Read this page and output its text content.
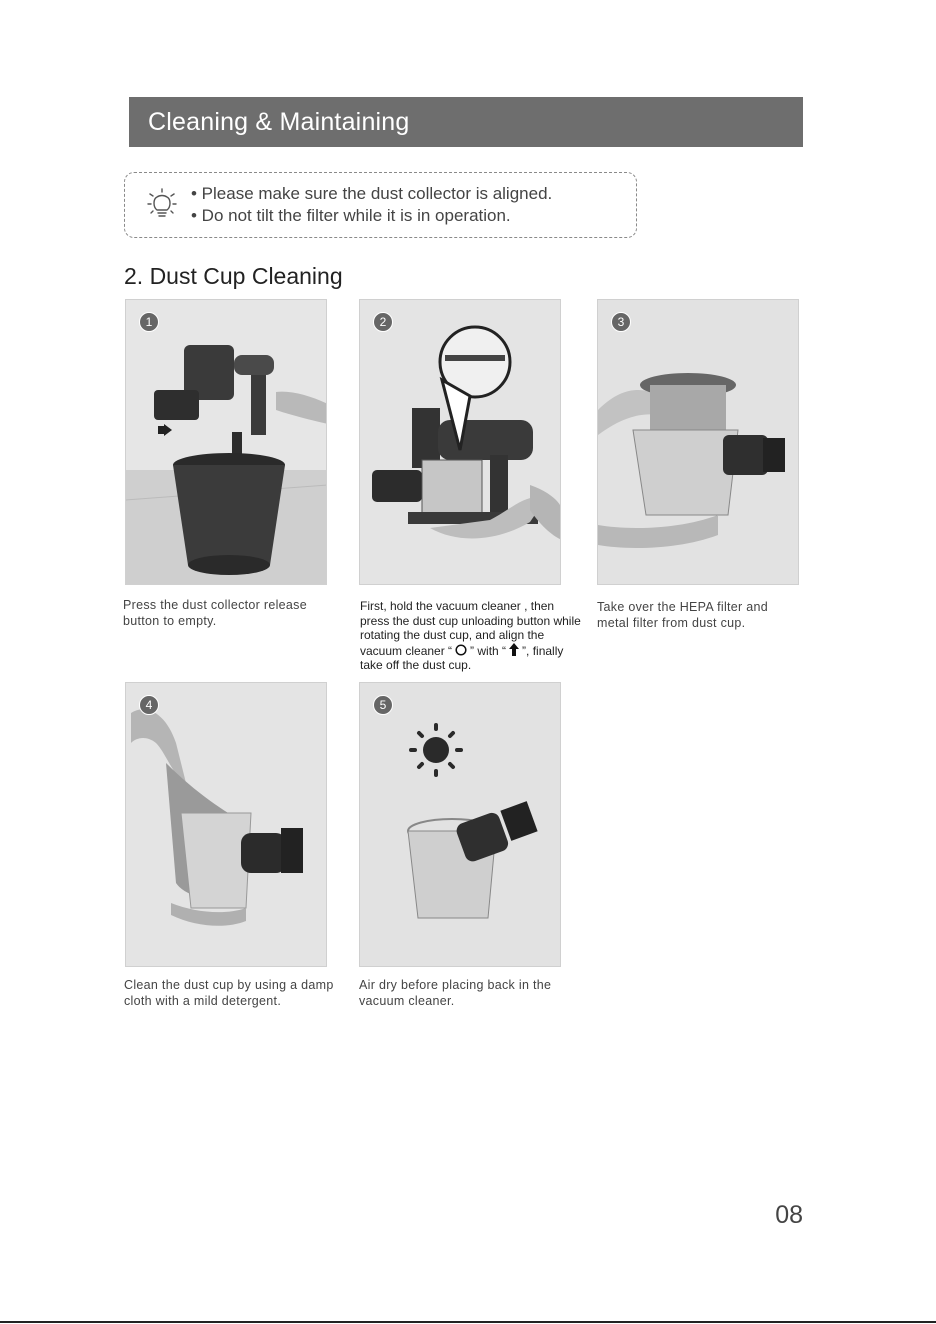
Cleaning & Maintaining
• Please make sure the dust collector is aligned.
• Do not tilt the filter while it is in operation.
2. Dust Cup Cleaning
1	2	3
Press the dust collector release button to empty.
First, hold the vacuum cleaner , then press the dust cup unloading button while rotating the dust cup, and align the vacuum cleaner “ ” with “ ”, finally take off the dust cup.
Take over the HEPA filter and metal filter from dust cup.
4	5
Clean the dust cup by using a damp cloth with a mild detergent.
Air dry before placing back in the vacuum cleaner.
08
